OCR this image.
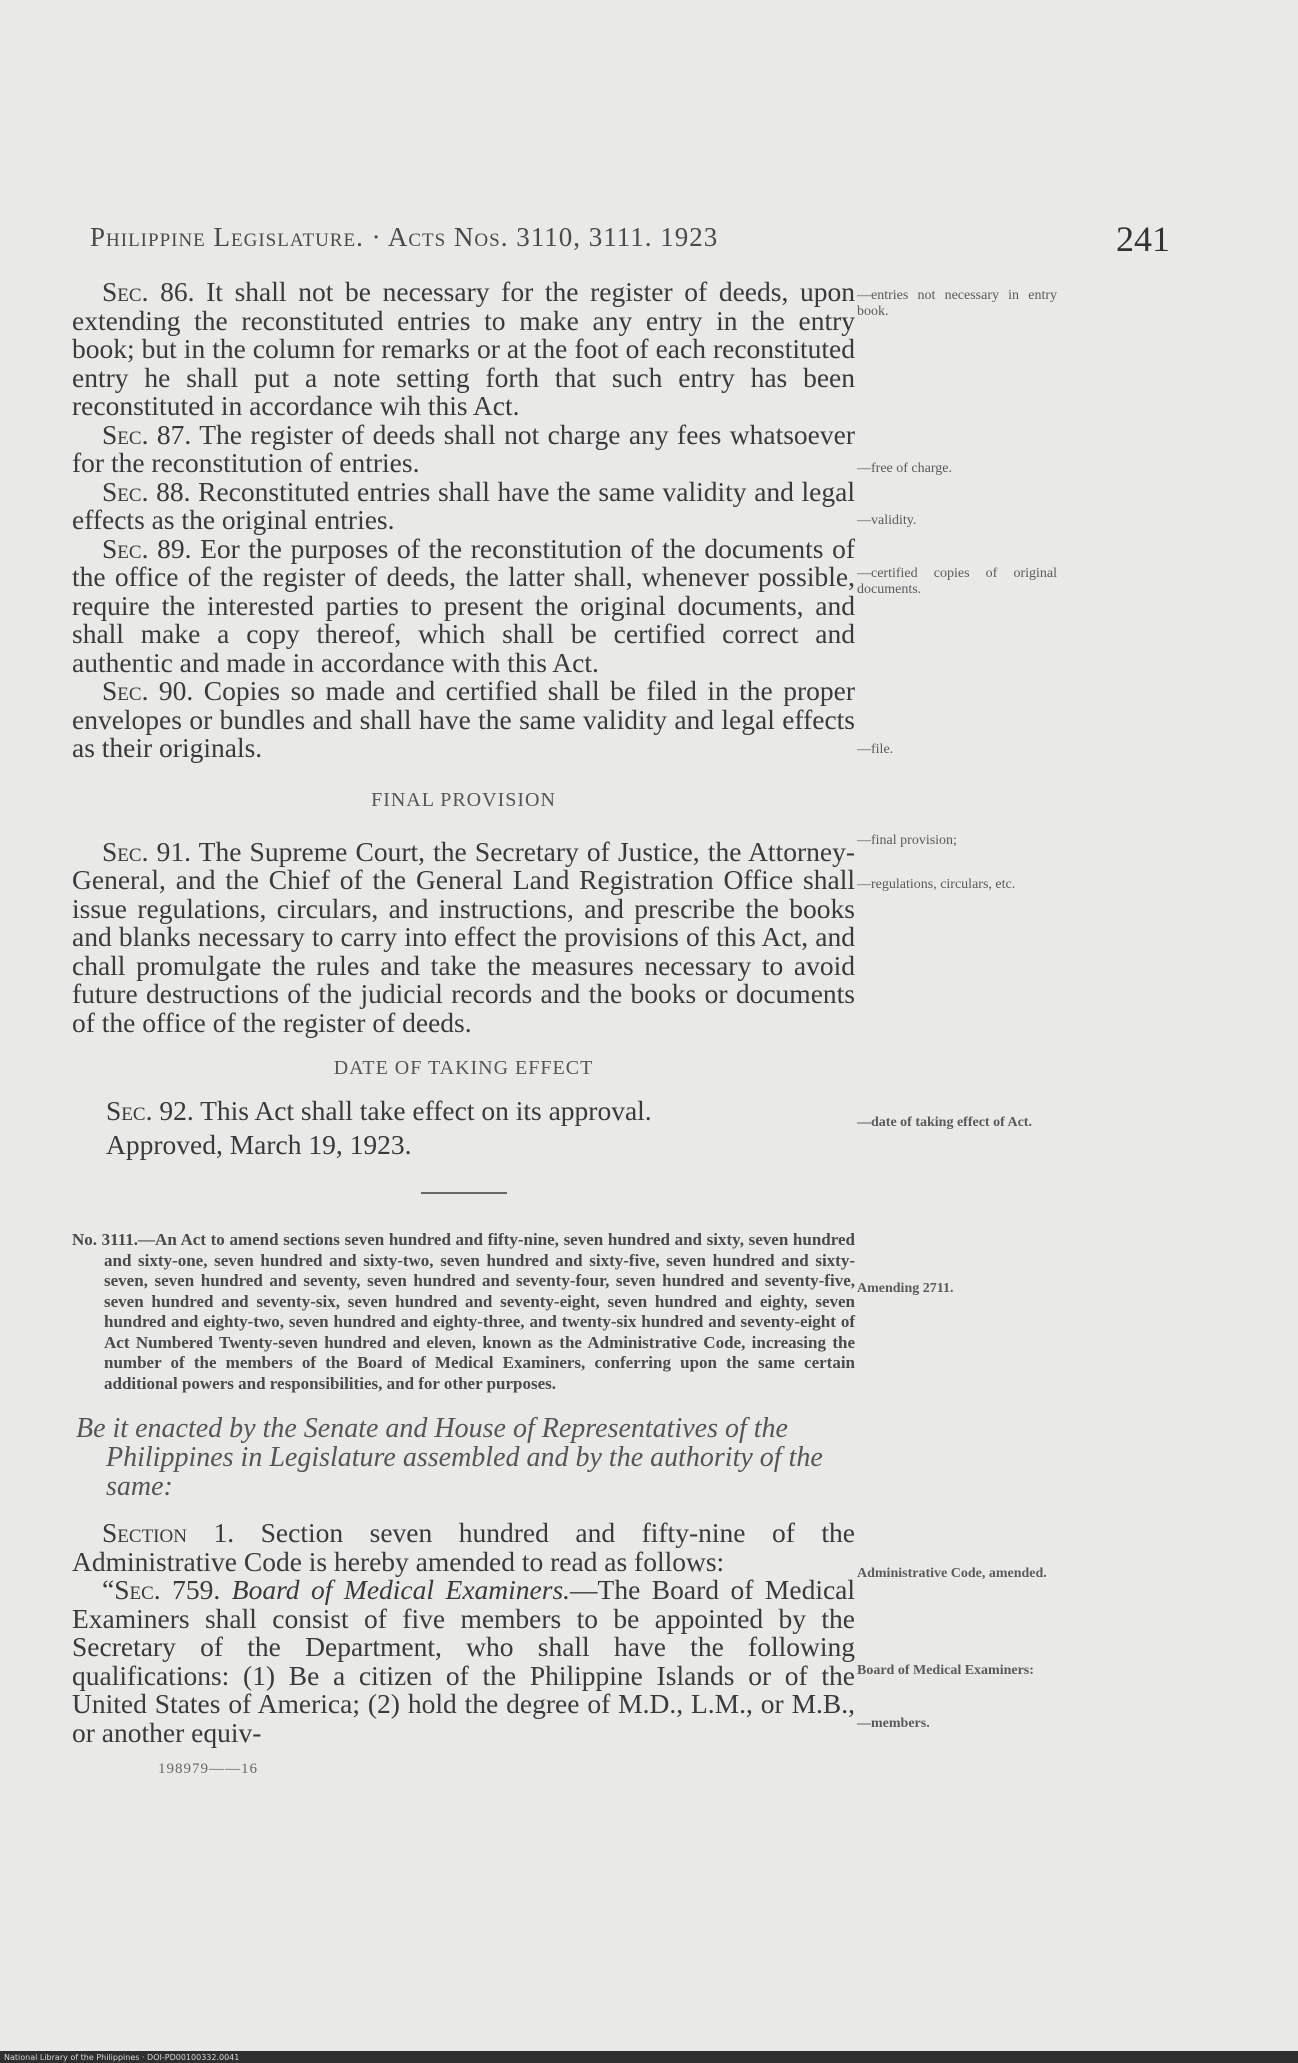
Philippine Legislature. · Acts Nos. 3110, 3111. 1923	241

Sec. 86. It shall not be necessary for the register of deeds, upon extending the reconstituted entries to make any entry in the entry book; but in the column for remarks or at the foot of each reconstituted entry he shall put a note setting forth that such entry has been reconstituted in accordance wih this Act.

Sec. 87. The register of deeds shall not charge any fees whatsoever for the reconstitution of entries.

Sec. 88. Reconstituted entries shall have the same validity and legal effects as the original entries.

Sec. 89. Eor the purposes of the reconstitution of the documents of the office of the register of deeds, the latter shall, whenever possible, require the interested parties to present the original documents, and shall make a copy thereof, which shall be certified correct and authentic and made in accordance with this Act.

Sec. 90. Copies so made and certified shall be filed in the proper envelopes or bundles and shall have the same validity and legal effects as their originals.

FINAL PROVISION

Sec. 91. The Supreme Court, the Secretary of Justice, the Attorney-General, and the Chief of the General Land Registration Office shall issue regulations, circulars, and instructions, and prescribe the books and blanks necessary to carry into effect the provisions of this Act, and chall promulgate the rules and take the measures necessary to avoid future destructions of the judicial records and the books or documents of the office of the register of deeds.

DATE OF TAKING EFFECT

Sec. 92. This Act shall take effect on its approval.

Approved, March 19, 1923.

No. 3111.—An Act to amend sections seven hundred and fifty-nine, seven hundred and sixty, seven hundred and sixty-one, seven hundred and sixty-two, seven hundred and sixty-five, seven hundred and sixty-seven, seven hundred and seventy, seven hundred and seventy-four, seven hundred and seventy-five, seven hundred and seventy-six, seven hundred and seventy-eight, seven hundred and eighty, seven hundred and eighty-two, seven hundred and eighty-three, and twenty-six hundred and seventy-eight of Act Numbered Twenty-seven hundred and eleven, known as the Administrative Code, increasing the number of the members of the Board of Medical Examiners, conferring upon the same certain additional powers and responsibilities, and for other purposes.

Be it enacted by the Senate and House of Representatives of the Philippines in Legislature assembled and by the authority of the same:

Section 1. Section seven hundred and fifty-nine of the Administrative Code is hereby amended to read as follows:

“Sec. 759. Board of Medical Examiners.—The Board of Medical Examiners shall consist of five members to be appointed by the Secretary of the Department, who shall have the following qualifications: (1) Be a citizen of the Philippine Islands or of the United States of America; (2) hold the degree of M.D., L.M., or M.B., or another equiv-

198979——16

—entries not necessary in entry book.
—free of charge.
—validity.
—certified copies of original documents.
—file.
—final provision;
—regulations, circulars, etc.
—date of taking effect of Act.
Amending 2711.
Administrative Code, amended.
Board of Medical Examiners:
—members.
National Library of the Philippines · DOI-PD00100332.0041
